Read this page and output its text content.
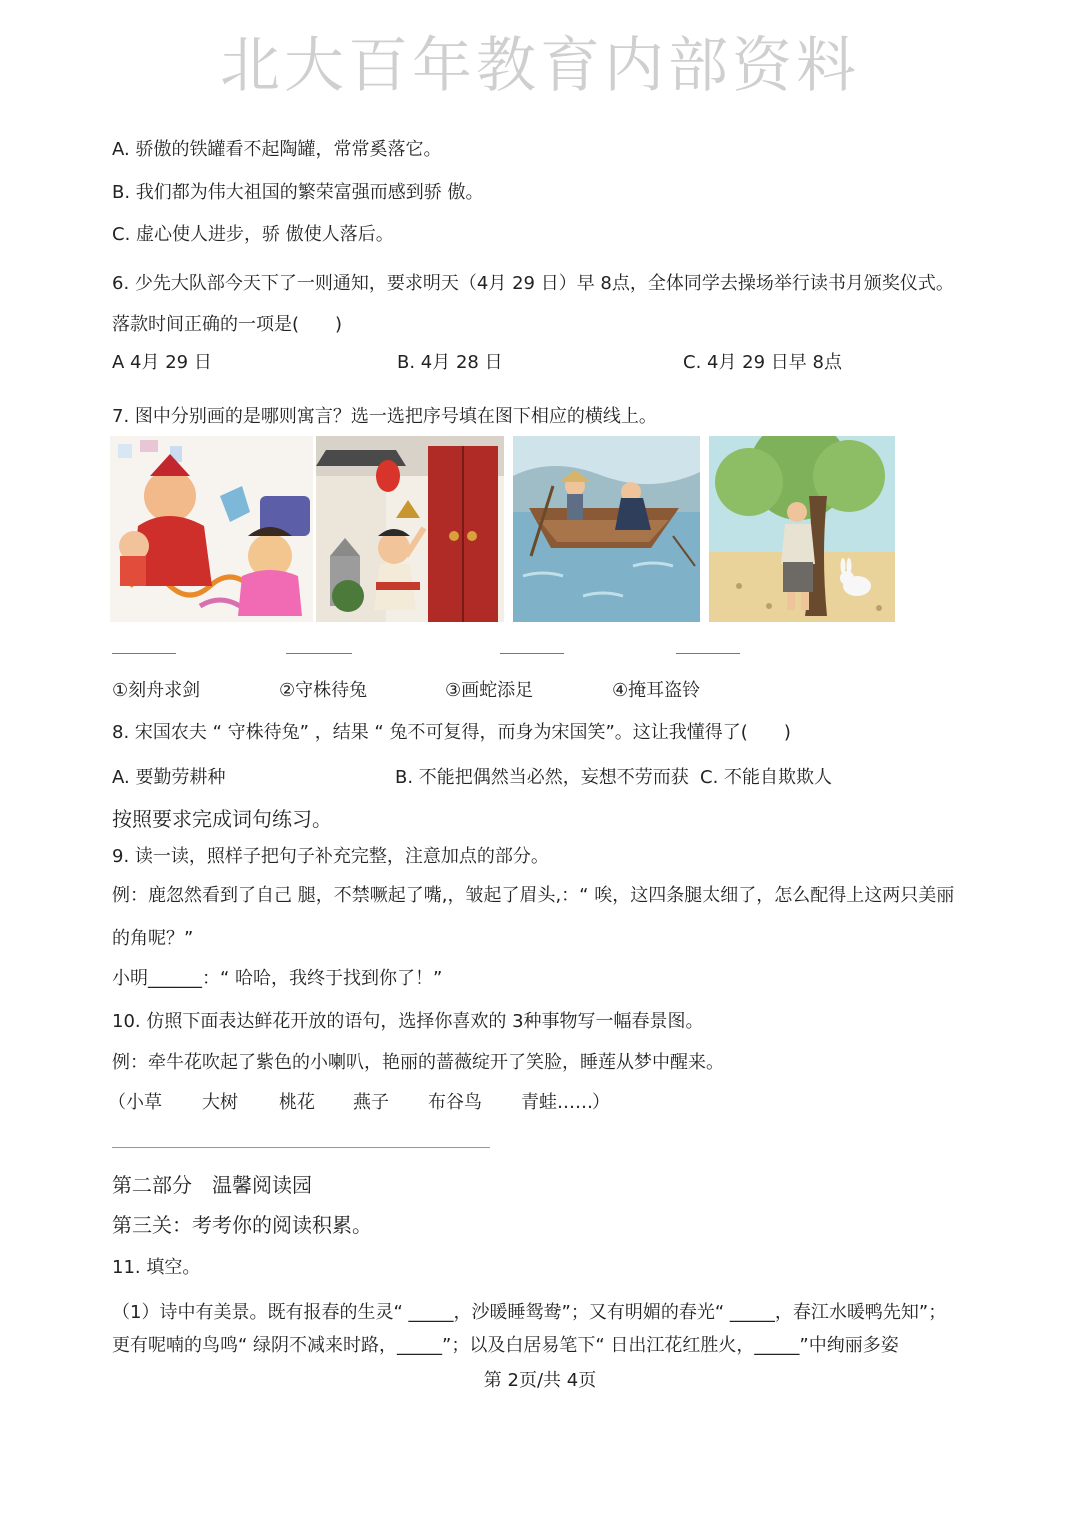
北大百年教育内部资料
A. 骄傲的铁罐看不起陶罐，常常奚落它。
B. 我们都为伟大祖国的繁荣富强而感到骄 傲。
C. 虚心使人进步，骄 傲使人落后。
6. 少先大队部今天下了一则通知，要求明天（4月 29 日）早 8点，全体同学去操场举行读书月颁奖仪式。
落款时间正确的一项是(　　)
A 4月 29 日	B. 4月 28 日	C. 4月 29 日早 8点
7. 图中分别画的是哪则寓言？选一选把序号填在图下相应的横线上。
①刻舟求剑	②守株待兔	③画蛇添足	④掩耳盗铃
8. 宋国农夫 “ 守株待兔” ，结果 “ 兔不可复得，而身为宋国笑”。这让我懂得了(　　)
A. 要勤劳耕种	B. 不能把偶然当必然，妄想不劳而获 C. 不能自欺欺人
按照要求完成词句练习。
9. 读一读，照样子把句子补充完整，注意加点的部分。
例：鹿忽然看到了自己 腿，不禁噘起了嘴,，皱起了眉头,：“ 唉，这四条腿太细了，怎么配得上这两只美丽
的角呢？”
小明______：“ 哈哈，我终于找到你了！”
10. 仿照下面表达鲜花开放的语句，选择你喜欢的 3种事物写一幅春景图。
例：牵牛花吹起了紫色的小喇叭，艳丽的蔷薇绽开了笑脸，睡莲从梦中醒来。
（ 小草 大树 桃花 燕子 布谷鸟 青蛙…… ）
第二部分　温馨阅读园
第三关：考考你的阅读积累。
11. 填空。
（1）诗中有美景。既有报春的生灵“ _____，沙暖睡鸳鸯”；又有明媚的春光“ _____，春江水暖鸭先知”；
更有呢喃的鸟鸣“ 绿阴不减来时路，_____”；以及白居易笔下“ 日出江花红胜火，_____”中绚丽多姿
第 2页/共 4页
